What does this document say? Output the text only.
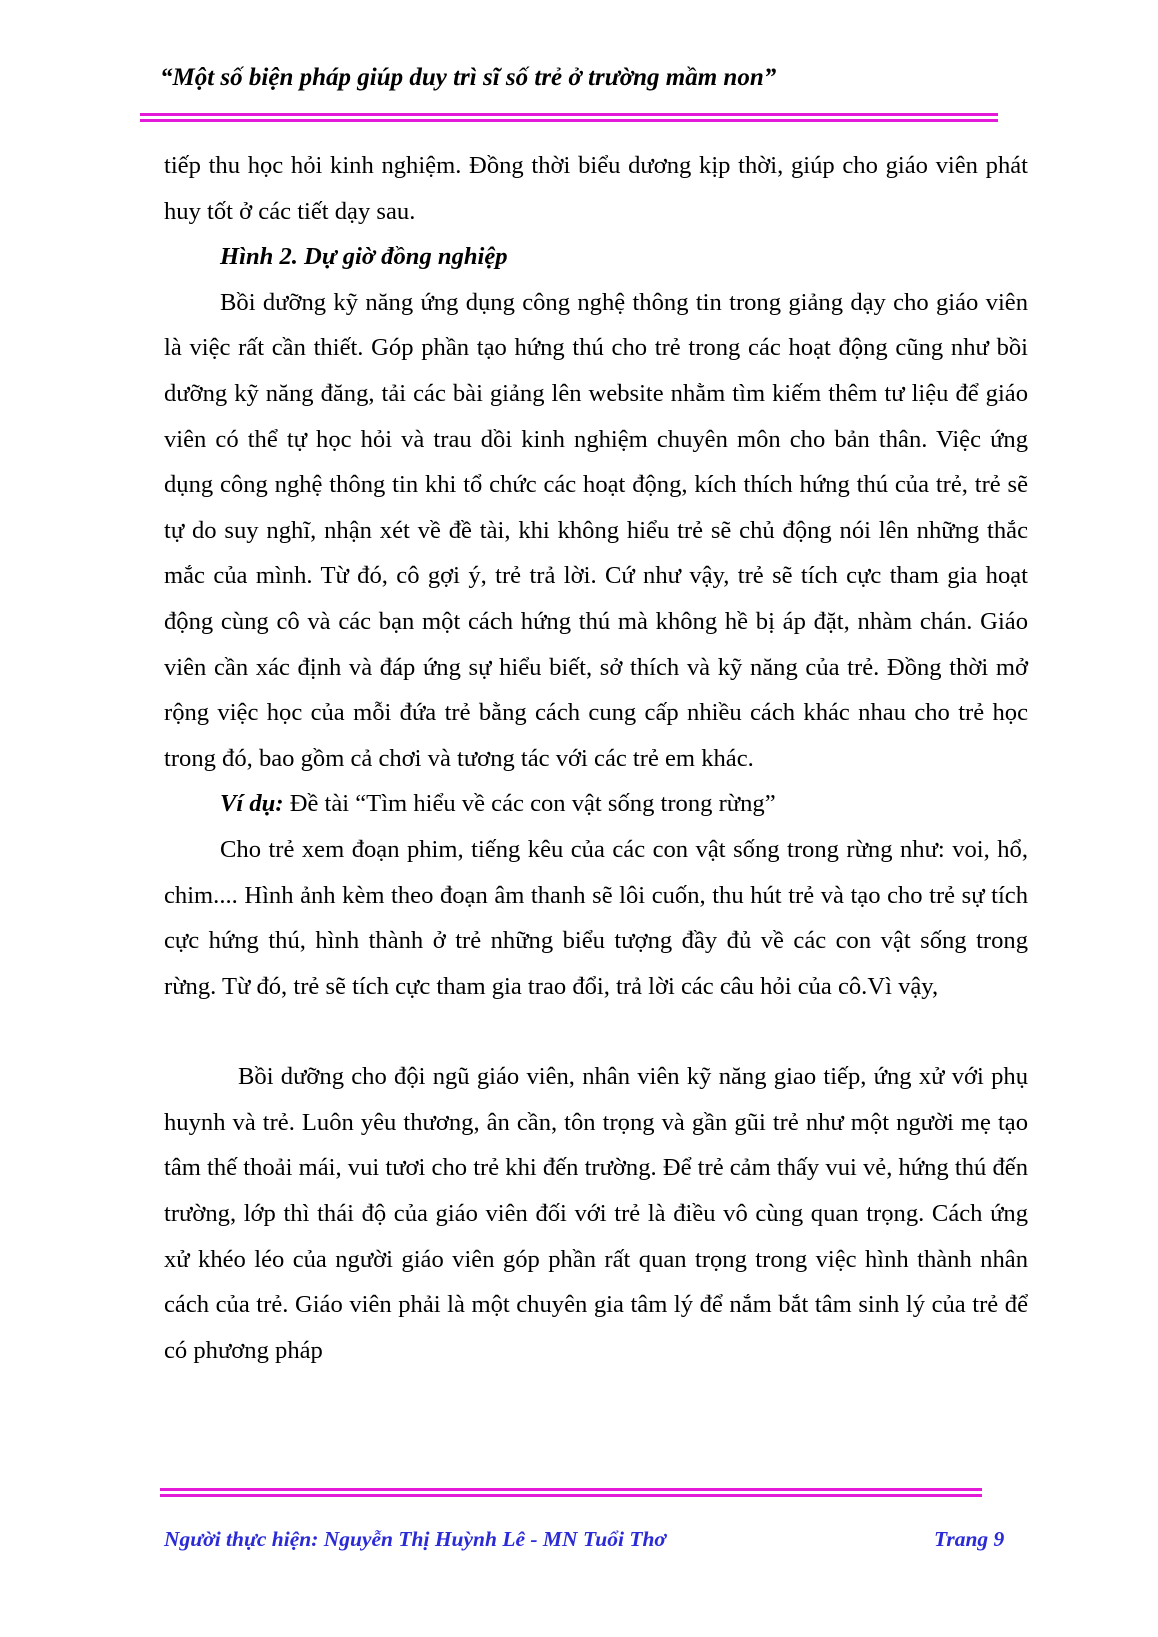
“Một số biện pháp giúp duy trì sĩ số trẻ ở trường mầm non”

tiếp thu học hỏi kinh nghiệm. Đồng thời biểu dương kịp thời, giúp cho giáo viên phát huy tốt ở các tiết dạy sau.

Hình 2. Dự giờ đồng nghiệp

Bồi dưỡng kỹ năng ứng dụng công nghệ thông tin trong giảng dạy cho giáo viên là việc rất cần thiết. Góp phần tạo hứng thú cho trẻ trong các hoạt động cũng như bồi dưỡng kỹ năng đăng, tải các bài giảng lên website nhằm tìm kiếm thêm tư liệu để giáo viên có thể tự học hỏi và trau dồi kinh nghiệm chuyên môn cho bản thân. Việc ứng dụng công nghệ thông tin khi tổ chức các hoạt động, kích thích hứng thú của trẻ, trẻ sẽ tự do suy nghĩ, nhận xét về đề tài, khi không hiểu trẻ sẽ chủ động nói lên những thắc mắc của mình. Từ đó, cô gợi ý, trẻ trả lời. Cứ như vậy, trẻ sẽ tích cực tham gia hoạt động cùng cô và các bạn một cách hứng thú mà không hề bị áp đặt, nhàm chán. Giáo viên cần xác định và đáp ứng sự hiểu biết, sở thích và kỹ năng của trẻ. Đồng thời mở rộng việc học của mỗi đứa trẻ bằng cách cung cấp nhiều cách khác nhau cho trẻ học trong đó, bao gồm cả chơi và tương tác với các trẻ em khác.

Ví dụ: Đề tài “Tìm hiểu về các con vật sống trong rừng”

Cho trẻ xem đoạn phim, tiếng kêu của các con vật sống trong rừng như: voi, hổ, chim.... Hình ảnh kèm theo đoạn âm thanh sẽ lôi cuốn, thu hút trẻ và tạo cho trẻ sự tích cực hứng thú, hình thành ở trẻ những biểu tượng đầy đủ về các con vật sống trong rừng. Từ đó, trẻ sẽ tích cực tham gia trao đổi, trả lời các câu hỏi của cô.Vì vậy,

Bồi dưỡng cho đội ngũ giáo viên, nhân viên kỹ năng giao tiếp, ứng xử với phụ huynh và trẻ. Luôn yêu thương, ân cần, tôn trọng và gần gũi trẻ như một người mẹ tạo tâm thế thoải mái, vui tươi cho trẻ khi đến trường. Để trẻ cảm thấy vui vẻ, hứng thú đến trường, lớp thì thái độ của giáo viên đối với trẻ là điều vô cùng quan trọng. Cách ứng xử khéo léo của người giáo viên góp phần rất quan trọng trong việc hình thành nhân cách của trẻ. Giáo viên phải là một chuyên gia tâm lý để nắm bắt tâm sinh lý của trẻ để có phương pháp

Người thực hiện: Nguyễn Thị Huỳnh Lê - MN Tuổi Thơ	Trang 9
